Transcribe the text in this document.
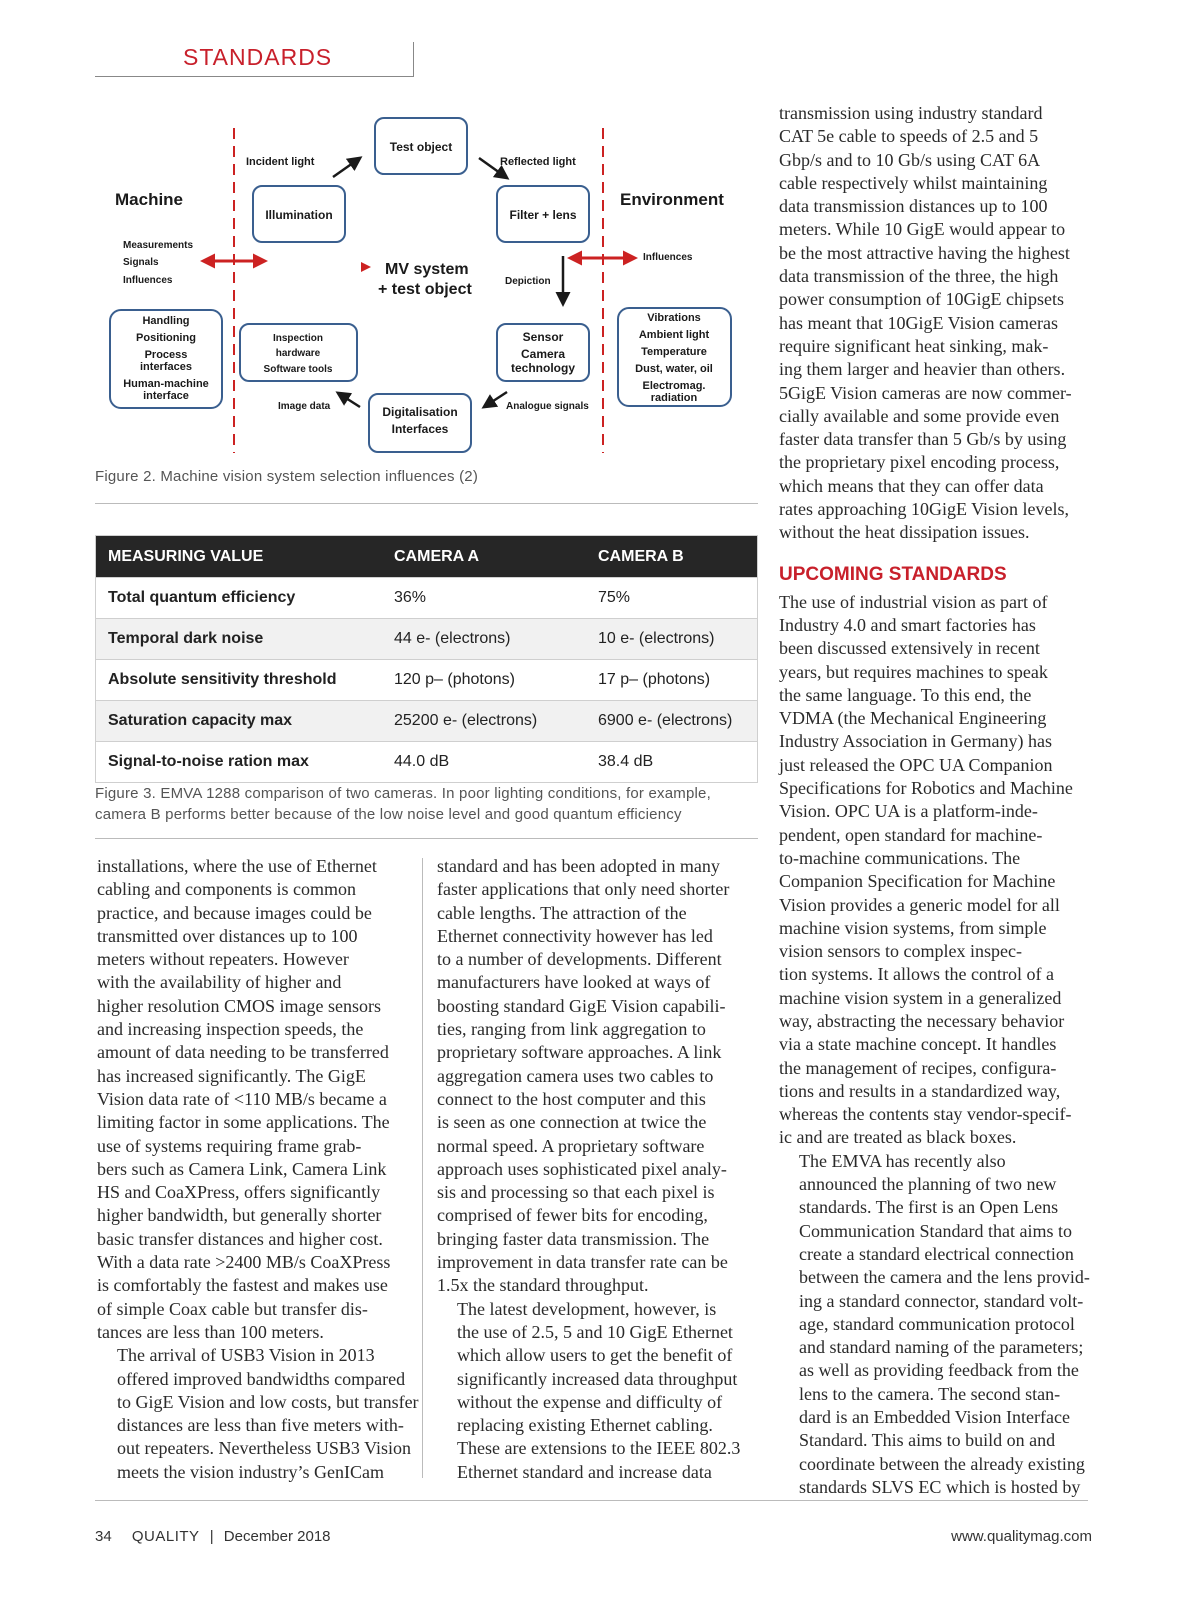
STANDARDS
Machine	Environment
MV system
+ test object
Test object
Illumination	Filter + lens
Incident light	Reflected light
Measurements
Signals
Influences
Influences
Depiction
Handling
Positioning
Process
interfaces
Human-machine
interface
Inspection
hardware
Software tools
Sensor
Camera
technology
Vibrations
Ambient light
Temperature
Dust, water, oil
Electromag.
radiation
Digitalisation
Interfaces
Image data	Analogue signals
Figure 2. Machine vision system selection influences (2)
MEASURING VALUE	CAMERA A	CAMERA B
Total quantum efficiency	36%	75%
Temporal dark noise	44 e- (electrons)	10 e- (electrons)
Absolute sensitivity threshold	120 p– (photons)	17 p– (photons)
Saturation capacity max	25200 e- (electrons)	6900 e- (electrons)
Signal-to-noise ration max	44.0 dB	38.4 dB
Figure 3. EMVA 1288 comparison of two cameras. In poor lighting conditions, for example,
camera B performs better because of the low noise level and good quantum efficiency

installations, where the use of Ethernet
cabling and components is common
practice, and because images could be
transmitted over distances up to 100
meters without repeaters. However
with the availability of higher and
higher resolution CMOS image sensors
and increasing inspection speeds, the
amount of data needing to be transferred
has increased significantly. The GigE
Vision data rate of <110 MB/s became a
limiting factor in some applications. The
use of systems requiring frame grab-
bers such as Camera Link, Camera Link
HS and CoaXPress, offers significantly
higher bandwidth, but generally shorter
basic transfer distances and higher cost.
With a data rate >2400 MB/s CoaXPress
is comfortably the fastest and makes use
of simple Coax cable but transfer dis-
tances are less than 100 meters.

The arrival of USB3 Vision in 2013
offered improved bandwidths compared
to GigE Vision and low costs, but transfer
distances are less than five meters with-
out repeaters. Nevertheless USB3 Vision
meets the vision industry’s GenICam

standard and has been adopted in many
faster applications that only need shorter
cable lengths. The attraction of the
Ethernet connectivity however has led
to a number of developments. Different
manufacturers have looked at ways of
boosting standard GigE Vision capabili-
ties, ranging from link aggregation to
proprietary software approaches. A link
aggregation camera uses two cables to
connect to the host computer and this
is seen as one connection at twice the
normal speed. A proprietary software
approach uses sophisticated pixel analy-
sis and processing so that each pixel is
comprised of fewer bits for encoding,
bringing faster data transmission. The
improvement in data transfer rate can be
1.5x the standard throughput.

The latest development, however, is
the use of 2.5, 5 and 10 GigE Ethernet
which allow users to get the benefit of
significantly increased data throughput
without the expense and difficulty of
replacing existing Ethernet cabling.
These are extensions to the IEEE 802.3
Ethernet standard and increase data

transmission using industry standard
CAT 5e cable to speeds of 2.5 and 5
Gbp/s and to 10 Gb/s using CAT 6A
cable respectively whilst maintaining
data transmission distances up to 100
meters. While 10 GigE would appear to
be the most attractive having the highest
data transmission of the three, the high
power consumption of 10GigE chipsets
has meant that 10GigE Vision cameras
require significant heat sinking, mak-
ing them larger and heavier than others.
5GigE Vision cameras are now commer-
cially available and some provide even
faster data transfer than 5 Gb/s by using
the proprietary pixel encoding process,
which means that they can offer data
rates approaching 10GigE Vision levels,
without the heat dissipation issues.

UPCOMING STANDARDS

The use of industrial vision as part of
Industry 4.0 and smart factories has
been discussed extensively in recent
years, but requires machines to speak
the same language. To this end, the
VDMA (the Mechanical Engineering
Industry Association in Germany) has
just released the OPC UA Companion
Specifications for Robotics and Machine
Vision. OPC UA is a platform-inde-
pendent, open standard for machine-
to-machine communications. The
Companion Specification for Machine
Vision provides a generic model for all
machine vision systems, from simple
vision sensors to complex inspec-
tion systems. It allows the control of a
machine vision system in a generalized
way, abstracting the necessary behavior
via a state machine concept. It handles
the management of recipes, configura-
tions and results in a standardized way,
whereas the contents stay vendor-specif-
ic and are treated as black boxes.

The EMVA has recently also
announced the planning of two new
standards. The first is an Open Lens
Communication Standard that aims to
create a standard electrical connection
between the camera and the lens provid-
ing a standard connector, standard volt-
age, standard communication protocol
and standard naming of the parameters;
as well as providing feedback from the
lens to the camera. The second stan-
dard is an Embedded Vision Interface
Standard. This aims to build on and
coordinate between the already existing
standards SLVS EC which is hosted by

34 QUALITY | December 2018	www.qualitymag.com
